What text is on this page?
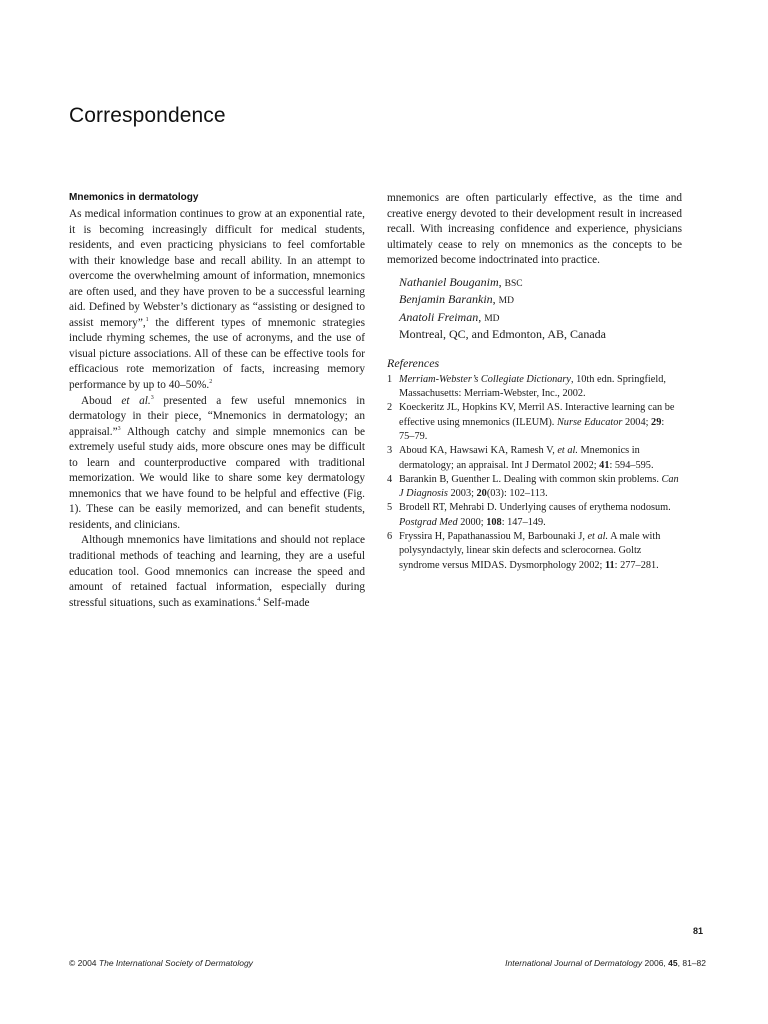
Correspondence
Mnemonics in dermatology

As medical information continues to grow at an exponential rate, it is becoming increasingly difficult for medical students, residents, and even practicing physicians to feel comfortable with their knowledge base and recall ability. In an attempt to overcome the overwhelming amount of information, mnemonics are often used, and they have proven to be a successful learning aid. Defined by Webster’s dictionary as “assisting or designed to assist memory”,$^1$ the different types of mnemonic strategies include rhyming schemes, the use of acronyms, and the use of visual picture associations. All of these can be effective tools for efficacious rote memorization of facts, increasing memory performance by up to 40–50%.$^2$

Aboud et al.$^3$ presented a few useful mnemonics in dermatology in their piece, “Mnemonics in dermatology; an appraisal.”$^3$ Although catchy and simple mnemonics can be extremely useful study aids, more obscure ones may be difficult to learn and counterproductive compared with traditional memorization. We would like to share some key dermatology mnemonics that we have found to be helpful and effective (Fig. 1). These can be easily memorized, and can benefit students, residents, and clinicians.

Although mnemonics have limitations and should not replace traditional methods of teaching and learning, they are a useful education tool. Good mnemonics can increase the speed and amount of retained factual information, especially during stressful situations, such as examinations.$^4$ Self-made

mnemonics are often particularly effective, as the time and creative energy devoted to their development result in increased recall. With increasing confidence and experience, physicians ultimately cease to rely on mnemonics as the concepts to be memorized become indoctrinated into practice.

Nathaniel Bouganim, BSC
Benjamin Barankin, MD
Anatoli Freiman, MD
Montreal, QC, and Edmonton, AB, Canada
References
1 Merriam-Webster’s Collegiate Dictionary, 10th edn. Springfield, Massachusetts: Merriam-Webster, Inc., 2002.
2 Koeckeritz JL, Hopkins KV, Merril AS. Interactive learning can be effective using mnemonics (ILEUM). Nurse Educator 2004; 29: 75–79.
3 Aboud KA, Hawsawi KA, Ramesh V, et al. Mnemonics in dermatology; an appraisal. Int J Dermatol 2002; 41: 594–595.
4 Barankin B, Guenther L. Dealing with common skin problems. Can J Diagnosis 2003; 20(03): 102–113.
5 Brodell RT, Mehrabi D. Underlying causes of erythema nodosum. Postgrad Med 2000; 108: 147–149.
6 Fryssira H, Papathanassiou M, Barbounaki J, et al. A male with polysyndactyly, linear skin defects and sclerocornea. Goltz syndrome versus MIDAS. Dysmorphology 2002; 11: 277–281.
81
© 2004 The International Society of Dermatology	International Journal of Dermatology 2006, 45, 81–82
